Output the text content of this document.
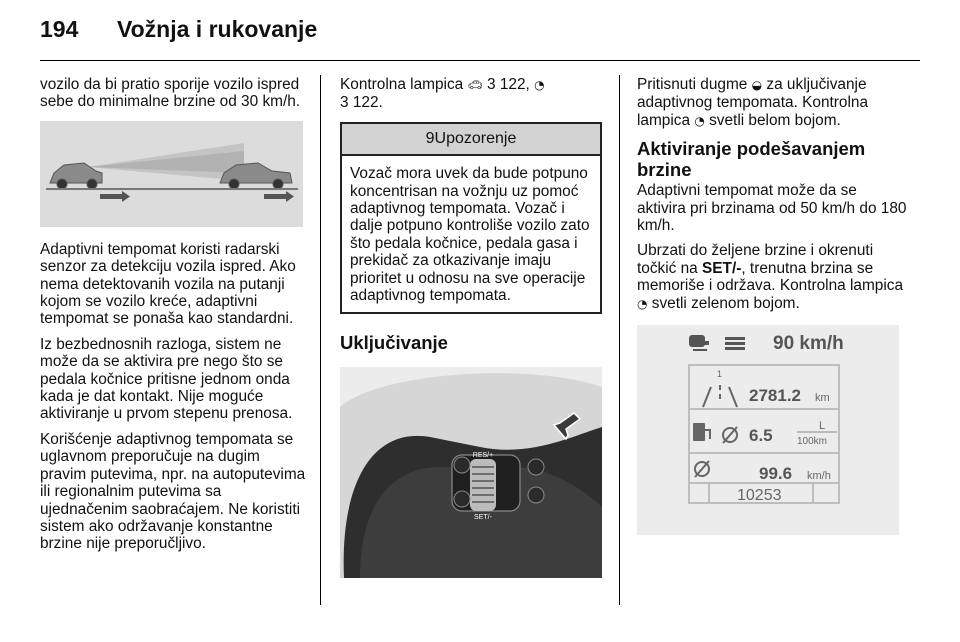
194 Vožnja i rukovanje

vozilo da bi pratio sporije vozilo ispred sebe do minimalne brzine od 30 km/h.

Adaptivni tempomat koristi radarski senzor za detekciju vozila ispred. Ako nema detektovanih vozila na putanji kojom se vozilo kreće, adaptivni tempomat se ponaša kao standardni.

Iz bezbednosnih razloga, sistem ne može da se aktivira pre nego što se pedala kočnice pritisne jednom onda kada je dat kontakt. Nije moguće aktiviranje u prvom stepenu prenosa.

Korišćenje adaptivnog tempomata se uglavnom preporučuje na dugim pravim putevima, npr. na autoputevima ili regionalnim putevima sa ujednačenim saobraćajem. Ne koristiti sistem ako održavanje konstantne brzine nije preporučljivo.

Kontrolna lampica 🚗︎ 3 122, ◔
3 122.

9Upozorenje
Vozač mora uvek da bude potpuno koncentrisan na vožnju uz pomoć adaptivnog tempomata. Vozač i dalje potpuno kontroliše vozilo zato što pedala kočnice, pedala gasa i prekidač za otkazivanje imaju prioritet u odnosu na sve operacije adaptivnog tempomata.
Uključivanje
RES/+
SET/-

Pritisnuti dugme ◒ za uključivanje adaptivnog tempomata. Kontrolna lampica ◔ svetli belom bojom.

Aktiviranje podešavanjem brzine

Adaptivni tempomat može da se aktivira pri brzinama od 50 km/h do 180 km/h.

Ubrzati do željene brzine i okrenuti točkić na SET/-, trenutna brzina se memoriše i održava. Kontrolna lampica ◔ svetli zelenom bojom.

90 km/h
1
2781.2 km
6.5	L
100km
99.6 km/h
10253
